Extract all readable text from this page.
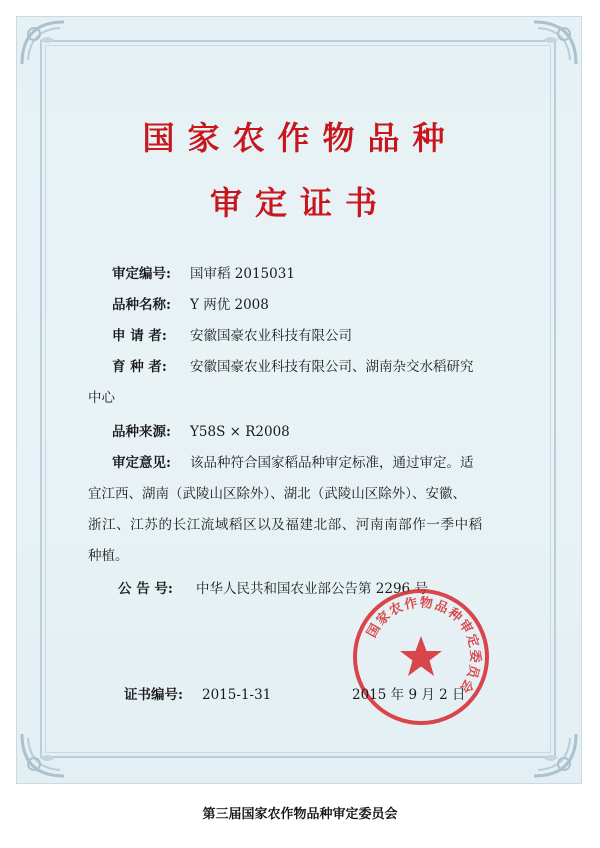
国家农作物品种
审定证书
审定编号: 国审稻 2015031
品种名称: Y 两优 2008
申 请 者: 安徽国豪农业科技有限公司
育 种 者: 安徽国豪农业科技有限公司、湖南杂交水稻研究
中心
品种来源: Y58S × R2008
审定意见: 该品种符合国家稻品种审定标准，通过审定。适
宜江西、湖南（武陵山区除外）、湖北（武陵山区除外）、安徽、
浙江、江苏的长江流域稻区以及福建北部、河南南部作一季中稻
种植。
公 告 号: 中华人民共和国农业部公告第 2296 号
国家农作物品种审定委员会
证书编号: 2015-1-31	2015 年 9 月 2 日
第三届国家农作物品种审定委员会
